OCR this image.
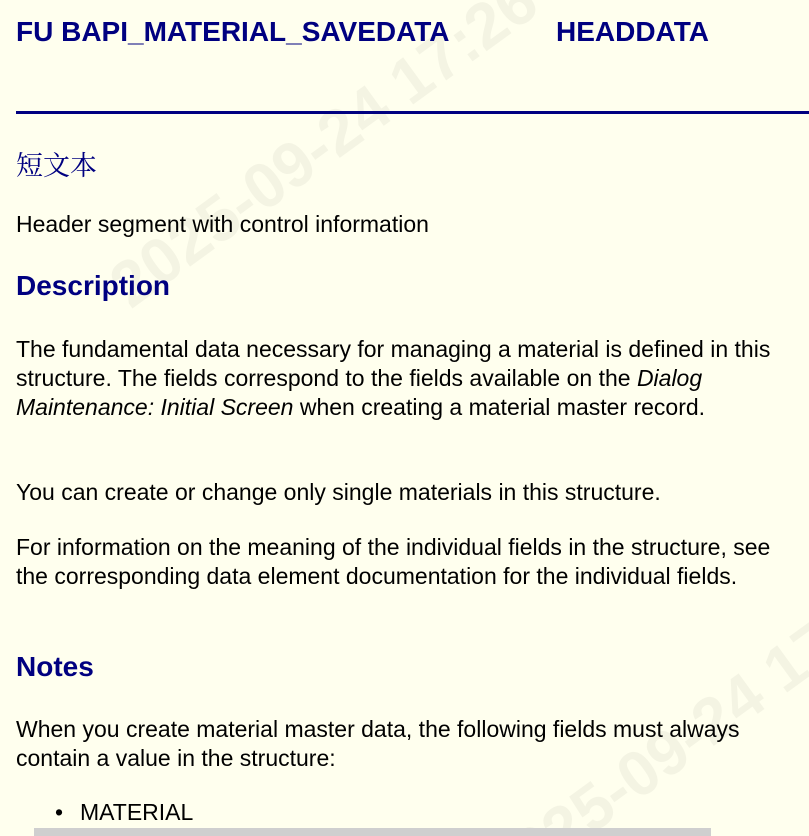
FU BAPI_MATERIAL_SAVEDATA	HEADDATA
短文本
Header segment with control information
Description
The fundamental data necessary for managing a material is defined in this structure. The fields correspond to the fields available on the Dialog Maintenance: Initial Screen when creating a material master record.
You can create or change only single materials in this structure.
For information on the meaning of the individual fields in the structure, see the corresponding data element documentation for the individual fields.
Notes
When you create material master data, the following fields must always contain a value in the structure:
• MATERIAL
